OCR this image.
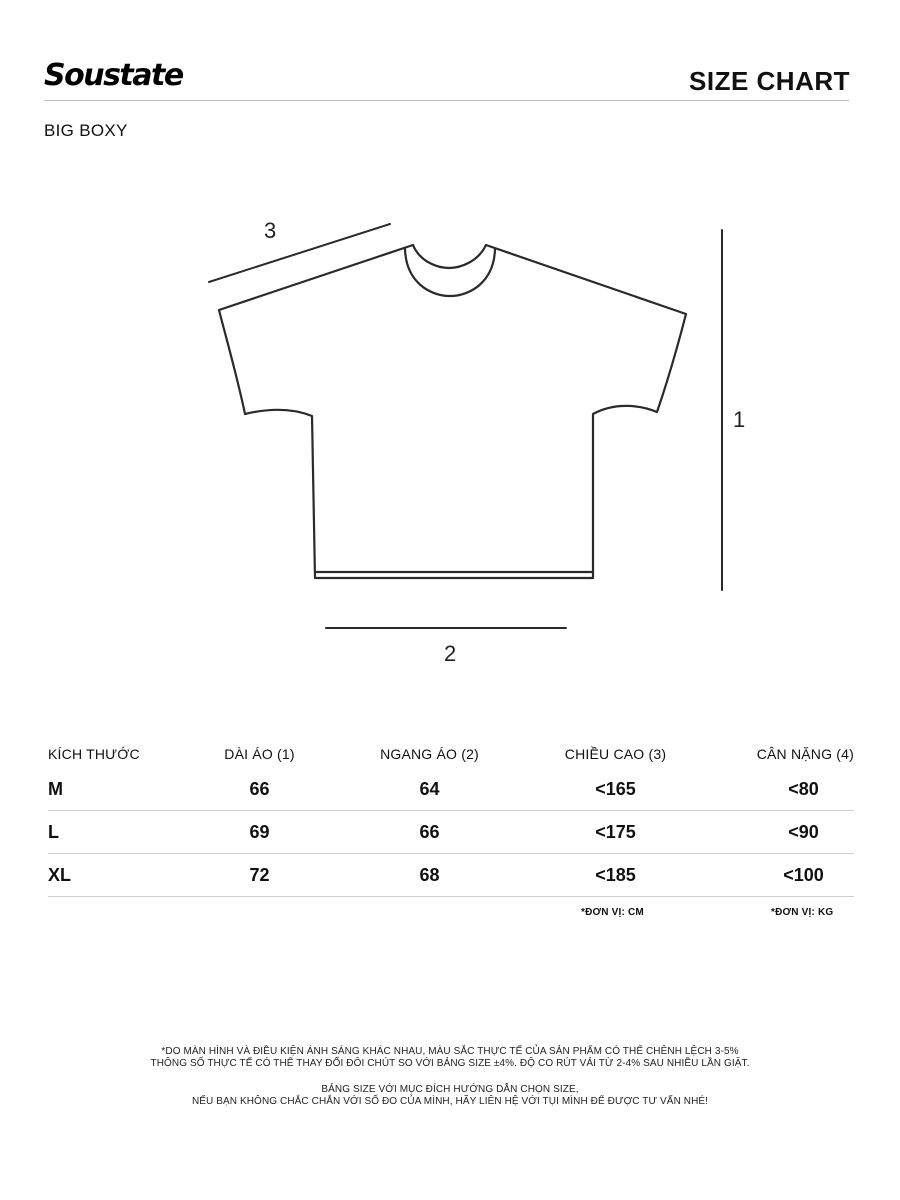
Soustate	SIZE CHART
BIG BOXY
3
2
1
KÍCH THƯỚC	DÀI ÁO (1)	NGANG ÁO (2)	CHIỀU CAO (3)	CÂN NẶNG (4)
M	66	64	<165	<80
L	69	66	<175	<90
XL	72	68	<185	<100
*ĐƠN VỊ: CM	*ĐƠN VỊ: KG

*DO MÀN HÌNH VÀ ĐIỀU KIỆN ÁNH SÁNG KHÁC NHAU, MÀU SẮC THỰC TẾ CỦA SẢN PHẨM CÓ THỂ CHÊNH LỆCH 3-5%

THÔNG SỐ THỰC TẾ CÓ THỂ THAY ĐỔI ĐÔI CHÚT SO VỚI BẢNG SIZE ±4%. ĐỘ CO RÚT VẢI TỪ 2-4% SAU NHIỀU LẦN GIẶT.

BẢNG SIZE VỚI MỤC ĐÍCH HƯỚNG DẪN CHỌN SIZE,

NẾU BẠN KHÔNG CHẮC CHẮN VỚI SỐ ĐO CỦA MÌNH, HÃY LIÊN HỆ VỚI TỤI MÌNH ĐỂ ĐƯỢC TƯ VẤN NHÉ!
